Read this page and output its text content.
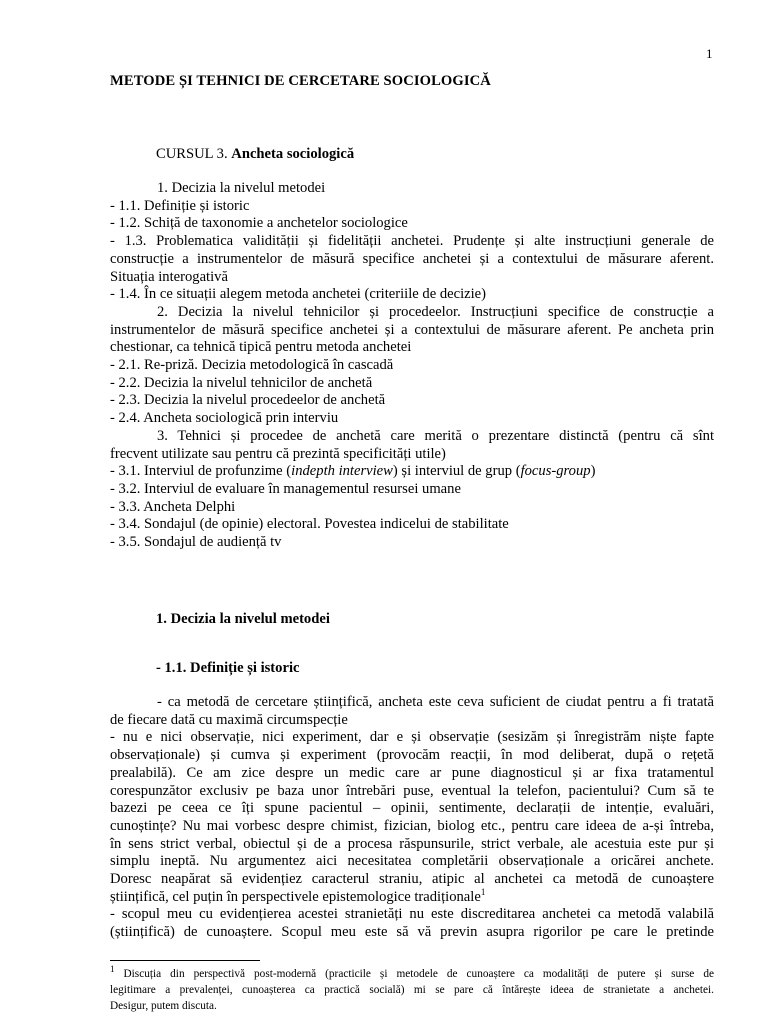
1
METODE ȘI TEHNICI DE CERCETARE SOCIOLOGICĂ
CURSUL 3. Ancheta sociologică
1. Decizia la nivelul metodei
- 1.1. Definiție și istoric
- 1.2. Schiță de taxonomie a anchetelor sociologice
- 1.3. Problematica validității și fidelității anchetei. Prudențe și alte instrucțiuni generale de
construcție a instrumentelor de măsură specifice anchetei și a contextului de măsurare aferent.
Situația interogativă
- 1.4. În ce situații alegem metoda anchetei (criteriile de decizie)
2. Decizia la nivelul tehnicilor și procedeelor. Instrucțiuni specifice de construcție a
instrumentelor de măsură specifice anchetei și a contextului de măsurare aferent. Pe ancheta prin
chestionar, ca tehnică tipică pentru metoda anchetei
- 2.1. Re-priză. Decizia metodologică în cascadă
- 2.2. Decizia la nivelul tehnicilor de anchetă
- 2.3. Decizia la nivelul procedeelor de anchetă
- 2.4. Ancheta sociologică prin interviu
3. Tehnici și procedee de anchetă care merită o prezentare distinctă (pentru că sînt
frecvent utilizate sau pentru că prezintă specificități utile)
- 3.1. Interviul de profunzime (indepth interview) și interviul de grup (focus-group)
- 3.2. Interviul de evaluare în managementul resursei umane
- 3.3. Ancheta Delphi
- 3.4. Sondajul (de opinie) electoral. Povestea indicelui de stabilitate
- 3.5. Sondajul de audiență tv
1. Decizia la nivelul metodei
- 1.1. Definiție și istoric
- ca metodă de cercetare științifică, ancheta este ceva suficient de ciudat pentru a fi tratată
de fiecare dată cu maximă circumspecție
- nu e nici observație, nici experiment, dar e și observație (sesizăm și înregistrăm niște fapte
observaționale) și cumva și experiment (provocăm reacții, în mod deliberat, după o rețetă
prealabilă). Ce am zice despre un medic care ar pune diagnosticul și ar fixa tratamentul
corespunzător exclusiv pe baza unor întrebări puse, eventual la telefon, pacientului? Cum să te
bazezi pe ceea ce îți spune pacientul – opinii, sentimente, declarații de intenție, evaluări,
cunoștințe? Nu mai vorbesc despre chimist, fizician, biolog etc., pentru care ideea de a-și întreba,
în sens strict verbal, obiectul și de a procesa răspunsurile, strict verbale, ale acestuia este pur și
simplu ineptă. Nu argumentez aici necesitatea completării observaționale a oricărei anchete.
Doresc neapărat să evidențiez caracterul straniu, atipic al anchetei ca metodă de cunoaștere
științifică, cel puțin în perspectivele epistemologice tradiționale$^1$
- scopul meu cu evidențierea acestei stranietăți nu este discreditarea anchetei ca metodă valabilă
(științifică) de cunoaștere. Scopul meu este să vă previn asupra rigorilor pe care le pretinde
$^1$ Discuția din perspectivă post-modernă (practicile și metodele de cunoaștere ca modalități de putere și surse de
legitimare a prevalenței, cunoașterea ca practică socială) mi se pare că întărește ideea de stranietate a anchetei.
Desigur, putem discuta.
